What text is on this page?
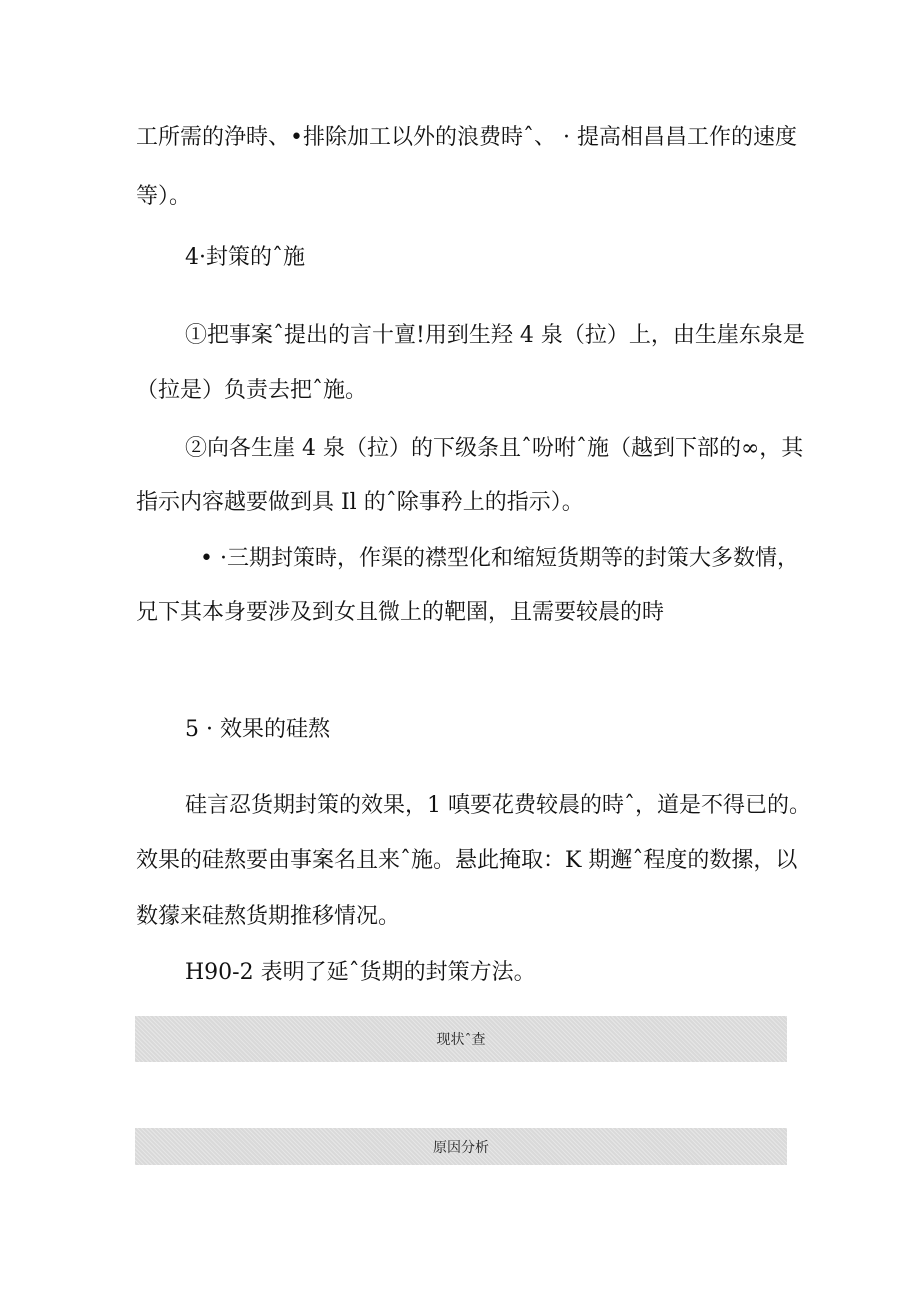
工所需的浄時、•排除加工以外的浪费時ˆ、 · 提高相昌昌工作的速度
等）。
4·封策的ˆ施
①把事案ˆ提出的言十亶!用到生羟 4 泉（拉）上，由生崖东泉是
（拉是）负责去把ˆ施。
②向各生崖 4 泉（拉）的下级条且ˆ吩咐ˆ施（越到下部的∞，其
指示内容越要做到具 Il 的ˆ除事矜上的指示）。
• ·三期封策時，作渠的襟型化和缩短货期等的封策大多数情，
兄下其本身要涉及到女且微上的靶圉，且需要较晨的時
5 · 效果的硅熬
硅言忍货期封策的效果，1 嗔要花费较晨的時ˆ，道是不得已的。
效果的硅熬要由事案名且来ˆ施。悬此掩取：K 期邂ˆ程度的数摞，以
数獴来硅熬货期推移情况。
H90-2 表明了延ˆ货期的封策方法。
现状ˆ查
原因分析
